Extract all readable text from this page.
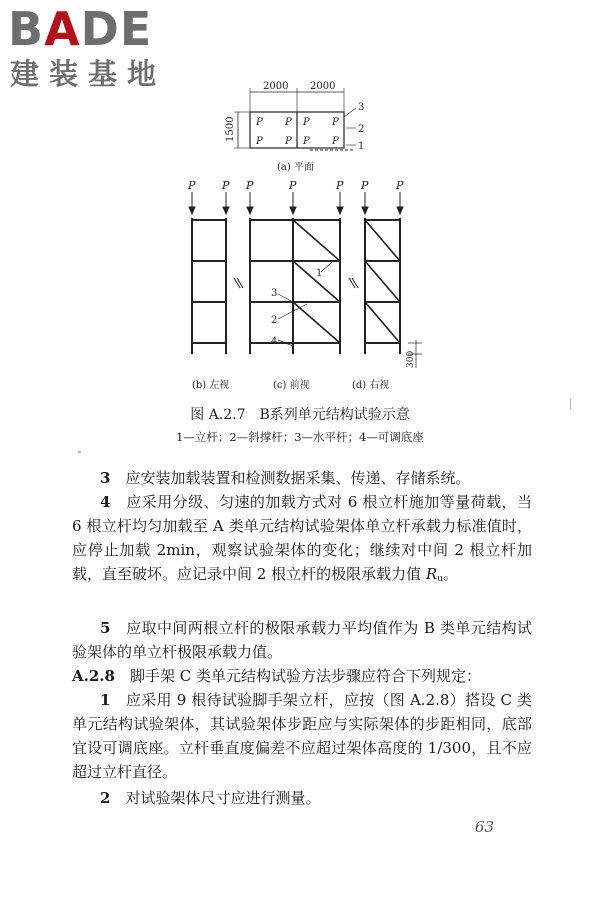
BADE
建装基地	2000 2000
1500
3
2
1
P P P P
P P P P
(a) 平面
P P P	P	P P	P
1
3
2
4
300
(b) 左视	(c) 前视	(d) 右视
图 A.2.7　B系列单元结构试验示意
1—立杆；2—斜撑杆；3—水平杆；4—可调底座
3　 应安装加载装置和检测数据采集、传递、存储系统。
4　 应采用分级、匀速的加载方式对 6 根立杆施加等量荷载，当 6 根立杆均匀加载至 A 类单元结构试验架体单立杆承载力标准值时，应停止加载 2min，观察试验架体的变化；继续对中间 2 根立杆加载，直至破坏。应记录中间 2 根立杆的极限承载力值 $R_u$。
5　 应取中间两根立杆的极限承载力平均值作为 B 类单元结构试验架体的单立杆极限承载力值。
A.2.8　 脚手架 C 类单元结构试验方法步骤应符合下列规定：
1　 应采用 9 根待试验脚手架立杆，应按（图 A.2.8）搭设 C 类单元结构试验架体，其试验架体步距应与实际架体的步距相同，底部宜设可调底座。立杆垂直度偏差不应超过架体高度的 1/300，且不应超过立杆直径。
2　 对试验架体尺寸应进行测量。
63
